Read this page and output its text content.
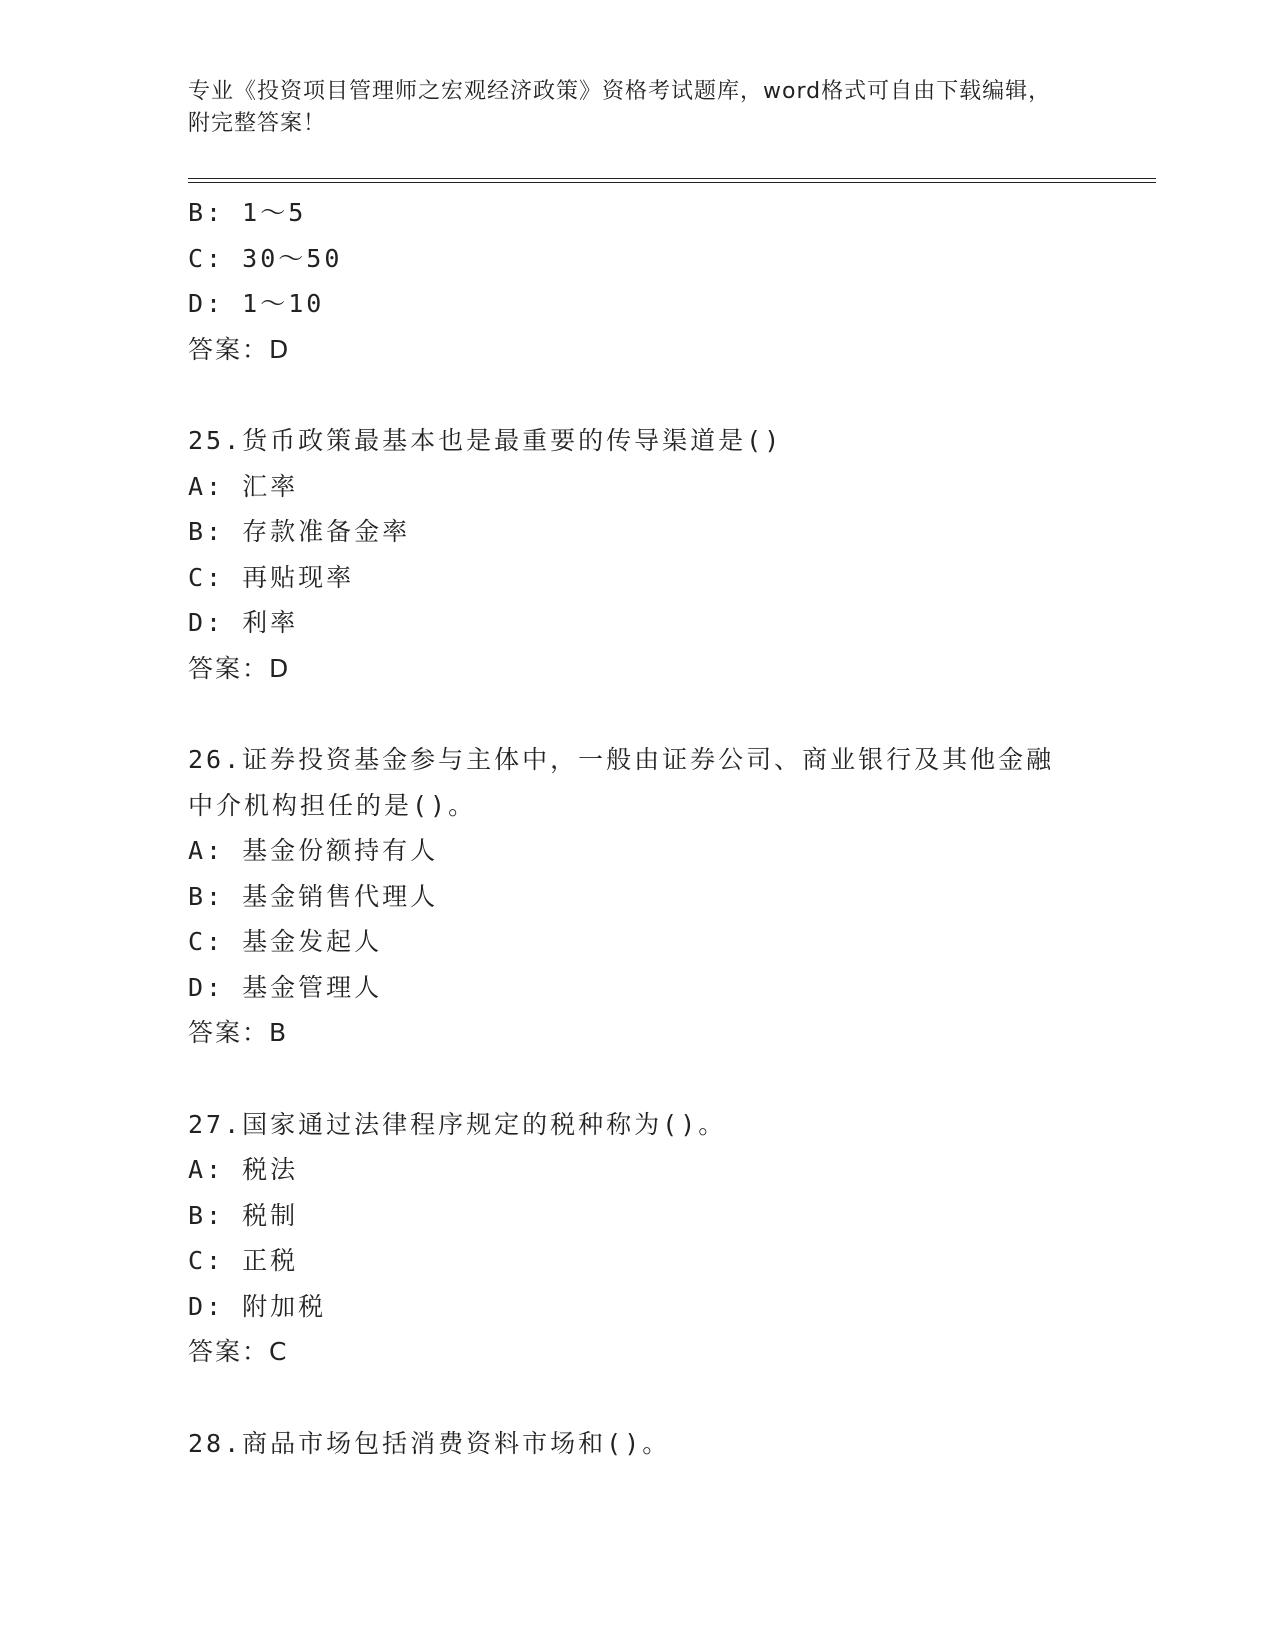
专业《投资项目管理师之宏观经济政策》资格考试题库，word格式可自由下载编辑，附完整答案！
B: 1～5
C: 30～50
D: 1～10
答案：D
25.货币政策最基本也是最重要的传导渠道是()
A: 汇率
B: 存款准备金率
C: 再贴现率
D: 利率
答案：D
26.证券投资基金参与主体中，一般由证券公司、商业银行及其他金融
中介机构担任的是()。
A: 基金份额持有人
B: 基金销售代理人
C: 基金发起人
D: 基金管理人
答案：B
27.国家通过法律程序规定的税种称为()。
A: 税法
B: 税制
C: 正税
D: 附加税
答案：C
28.商品市场包括消费资料市场和()。
